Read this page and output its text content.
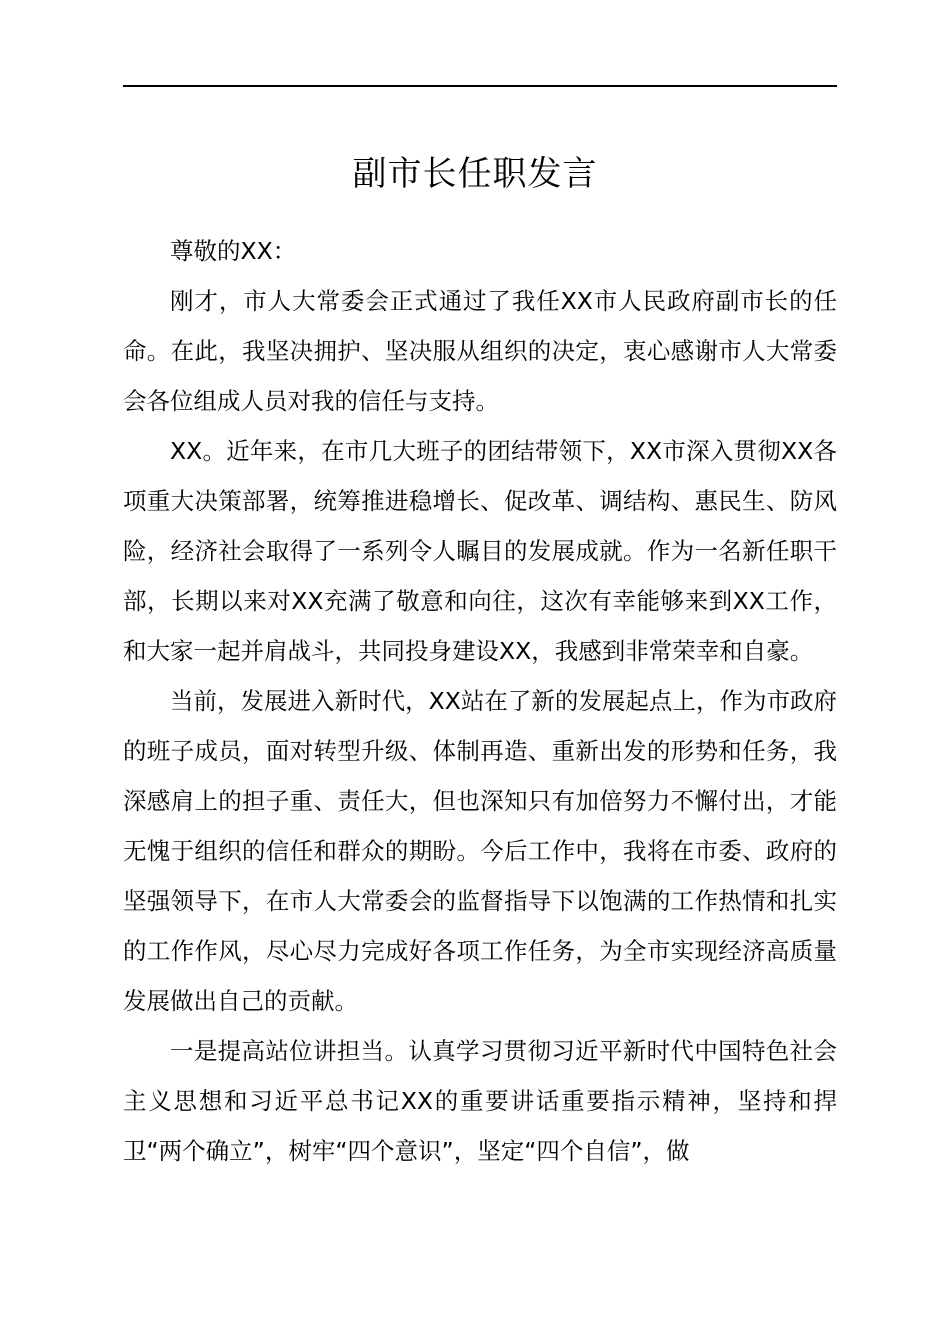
副市长任职发言

尊敬的XX：

刚才，市人大常委会正式通过了我任XX市人民政府副市长的任命。在此，我坚决拥护、坚决服从组织的决定，衷心感谢市人大常委会各位组成人员对我的信任与支持。

XX。近年来，在市几大班子的团结带领下，XX市深入贯彻XX各项重大决策部署，统筹推进稳增长、促改革、调结构、惠民生、防风险，经济社会取得了一系列令人瞩目的发展成就。作为一名新任职干部，长期以来对XX充满了敬意和向往，这次有幸能够来到XX工作，和大家一起并肩战斗，共同投身建设XX，我感到非常荣幸和自豪。

当前，发展进入新时代，XX站在了新的发展起点上，作为市政府的班子成员，面对转型升级、体制再造、重新出发的形势和任务，我深感肩上的担子重、责任大，但也深知只有加倍努力不懈付出，才能无愧于组织的信任和群众的期盼。今后工作中，我将在市委、政府的坚强领导下，在市人大常委会的监督指导下以饱满的工作热情和扎实的工作作风，尽心尽力完成好各项工作任务，为全市实现经济高质量发展做出自己的贡献。

一是提高站位讲担当。认真学习贯彻习近平新时代中国特色社会主义思想和习近平总书记XX的重要讲话重要指示精神，坚持和捍卫“两个确立”，树牢“四个意识”，坚定“四个自信”，做
